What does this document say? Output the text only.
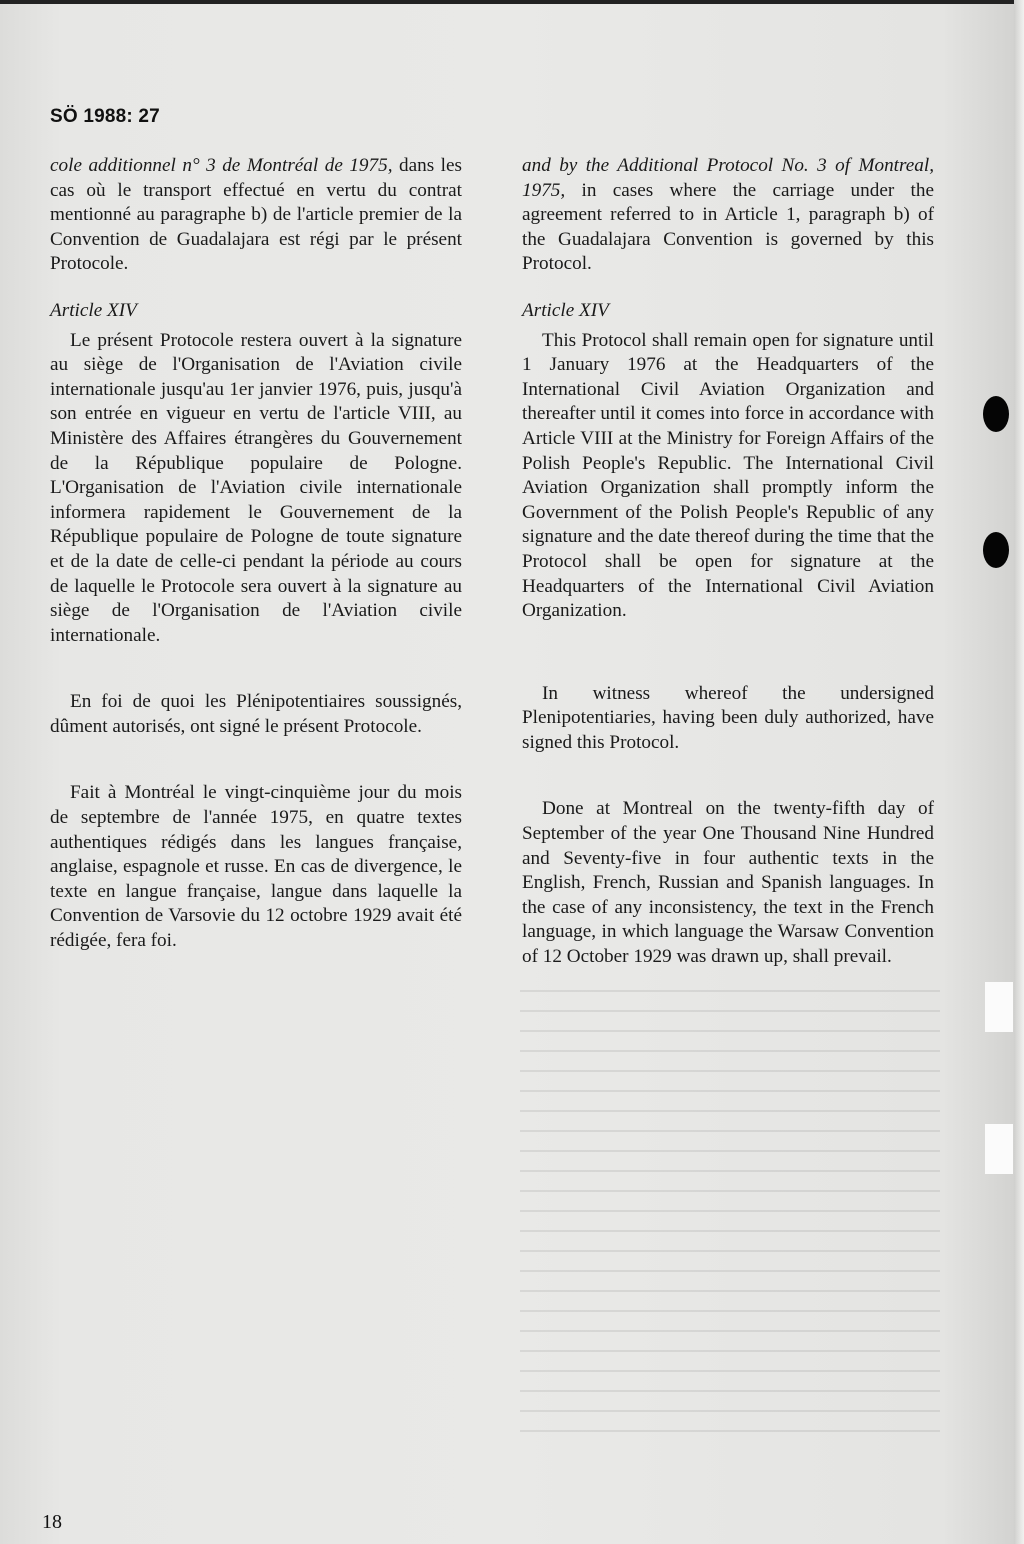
SÖ 1988: 27

cole additionnel n° 3 de Montréal de 1975, dans les cas où le transport effectué en vertu du contrat mentionné au paragraphe b) de l'article premier de la Convention de Guadalajara est régi par le présent Protocole.

Article XIV

Le présent Protocole restera ouvert à la signature au siège de l'Organisation de l'Aviation civile internationale jusqu'au 1er janvier 1976, puis, jusqu'à son entrée en vigueur en vertu de l'article VIII, au Ministère des Affaires étrangères du Gouvernement de la République populaire de Pologne. L'Organisation de l'Aviation civile internationale informera rapidement le Gouvernement de la République populaire de Pologne de toute signature et de la date de celle-ci pendant la période au cours de laquelle le Protocole sera ouvert à la signature au siège de l'Organisation de l'Aviation civile internationale.

En foi de quoi les Plénipotentiaires soussignés, dûment autorisés, ont signé le présent Protocole.

Fait à Montréal le vingt-cinquième jour du mois de septembre de l'année 1975, en quatre textes authentiques rédigés dans les langues française, anglaise, espagnole et russe. En cas de divergence, le texte en langue française, langue dans laquelle la Convention de Varsovie du 12 octobre 1929 avait été rédigée, fera foi.

and by the Additional Protocol No. 3 of Montreal, 1975, in cases where the carriage under the agreement referred to in Article 1, paragraph b) of the Guadalajara Convention is governed by this Protocol.

Article XIV

This Protocol shall remain open for signature until 1 January 1976 at the Headquarters of the International Civil Aviation Organization and thereafter until it comes into force in accordance with Article VIII at the Ministry for Foreign Affairs of the Polish People's Republic. The International Civil Aviation Organization shall promptly inform the Government of the Polish People's Republic of any signature and the date thereof during the time that the Protocol shall be open for signature at the Headquarters of the International Civil Aviation Organization.

In witness whereof the undersigned Plenipotentiaries, having been duly authorized, have signed this Protocol.

Done at Montreal on the twenty-fifth day of September of the year One Thousand Nine Hundred and Seventy-five in four authentic texts in the English, French, Russian and Spanish languages. In the case of any inconsistency, the text in the French language, in which language the Warsaw Convention of 12 October 1929 was drawn up, shall prevail.

18
